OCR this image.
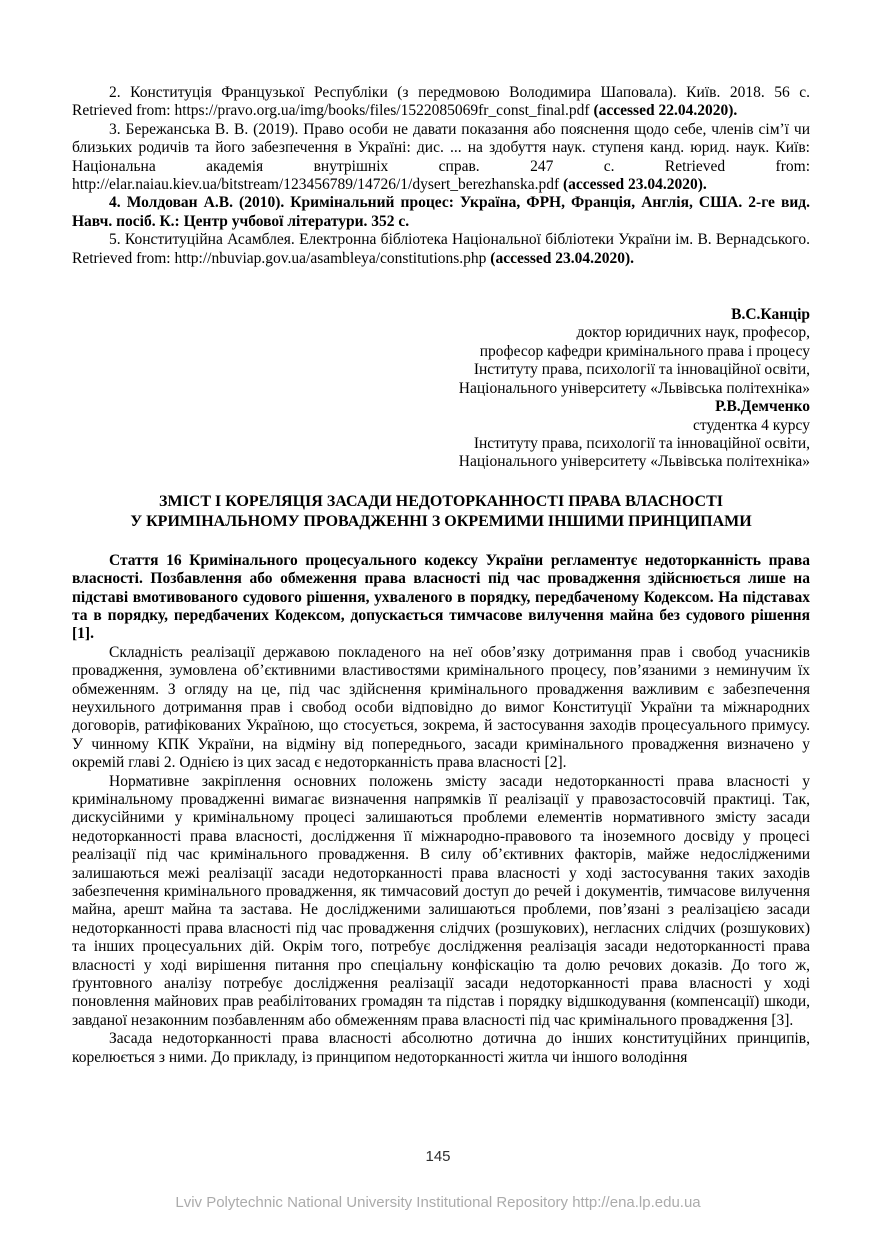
2. Конституція Французької Республіки (з передмовою Володимира Шаповала). Київ. 2018. 56 с. Retrieved from: https://pravo.org.ua/img/books/files/1522085069fr_const_final.pdf (accessed 22.04.2020).

3. Бережанська В. В. (2019). Право особи не давати показання або пояснення щодо себе, членів сім’ї чи близьких родичів та його забезпечення в Україні: дис. ... на здобуття наук. ступеня канд. юрид. наук. Київ: Національна академія внутрішніх справ. 247 с. Retrieved from: http://elar.naiau.kiev.ua/bitstream/123456789/14726/1/dysert_berezhanska.pdf (accessed 23.04.2020).

4. Молдован А.В. (2010). Кримінальний процес: Україна, ФРН, Франція, Англія, США. 2-ге вид. Навч. посіб. К.: Центр учбової літератури. 352 с.

5. Конституційна Асамблея. Електронна бібліотека Національної бібліотеки України ім. В. Вернадського. Retrieved from: http://nbuviap.gov.ua/asambleya/constitutions.php (accessed 23.04.2020).

В.С.Канцір

доктор юридичних наук, професор,

професор кафедри кримінального права і процесу

Інституту права, психології та інноваційної освіти,

Національного університету «Львівська політехніка»

Р.В.Демченко

студентка 4 курсу

Інституту права, психології та інноваційної освіти,

Національного університету «Львівська політехніка»

ЗМІСТ І КОРЕЛЯЦІЯ ЗАСАДИ НЕДОТОРКАННОСТІ ПРАВА ВЛАСНОСТІ
У КРИМІНАЛЬНОМУ ПРОВАДЖЕННІ З ОКРЕМИМИ ІНШИМИ ПРИНЦИПАМИ

Стаття 16 Кримінального процесуального кодексу України регламентує недоторканність права власності. Позбавлення або обмеження права власності під час провадження здійснюється лише на підставі вмотивованого судового рішення, ухваленого в порядку, передбаченому Кодексом. На підставах та в порядку, передбачених Кодексом, допускається тимчасове вилучення майна без судового рішення [1].

Складність реалізації державою покладеного на неї обов’язку дотримання прав і свобод учасників провадження, зумовлена об’єктивними властивостями кримінального процесу, пов’язаними з неминучим їх обмеженням. З огляду на це, під час здійснення кримінального провадження важливим є забезпечення неухильного дотримання прав і свобод особи відповідно до вимог Конституції України та міжнародних договорів, ратифікованих Україною, що стосується, зокрема, й застосування заходів процесуального примусу. У чинному КПК України, на відміну від попереднього, засади кримінального провадження визначено у окремій главі 2. Однією із цих засад є недоторканність права власності [2].

Нормативне закріплення основних положень змісту засади недоторканності права власності у кримінальному провадженні вимагає визначення напрямків її реалізації у правозастосовчій практиці. Так, дискусійними у кримінальному процесі залишаються проблеми елементів нормативного змісту засади недоторканності права власності, дослідження її міжнародно-правового та іноземного досвіду у процесі реалізації під час кримінального провадження. В силу об’єктивних факторів, майже недослідженими залишаються межі реалізації засади недоторканності права власності у ході застосування таких заходів забезпечення кримінального провадження, як тимчасовий доступ до речей і документів, тимчасове вилучення майна, арешт майна та застава. Не дослідженими залишаються проблеми, пов’язані з реалізацією засади недоторканності права власності під час провадження слідчих (розшукових), негласних слідчих (розшукових) та інших процесуальних дій. Окрім того, потребує дослідження реалізація засади недоторканності права власності у ході вирішення питання про спеціальну конфіскацію та долю речових доказів. До того ж, ґрунтовного аналізу потребує дослідження реалізації засади недоторканності права власності у ході поновлення майнових прав реабілітованих громадян та підстав і порядку відшкодування (компенсації) шкоди, завданої незаконним позбавленням або обмеженням права власності під час кримінального провадження [3].

Засада недоторканності права власності абсолютно дотична до інших конституційних принципів, корелюється з ними. До прикладу, із принципом недоторканності житла чи іншого володіння

145
Lviv Polytechnic National University Institutional Repository http://ena.lp.edu.ua
